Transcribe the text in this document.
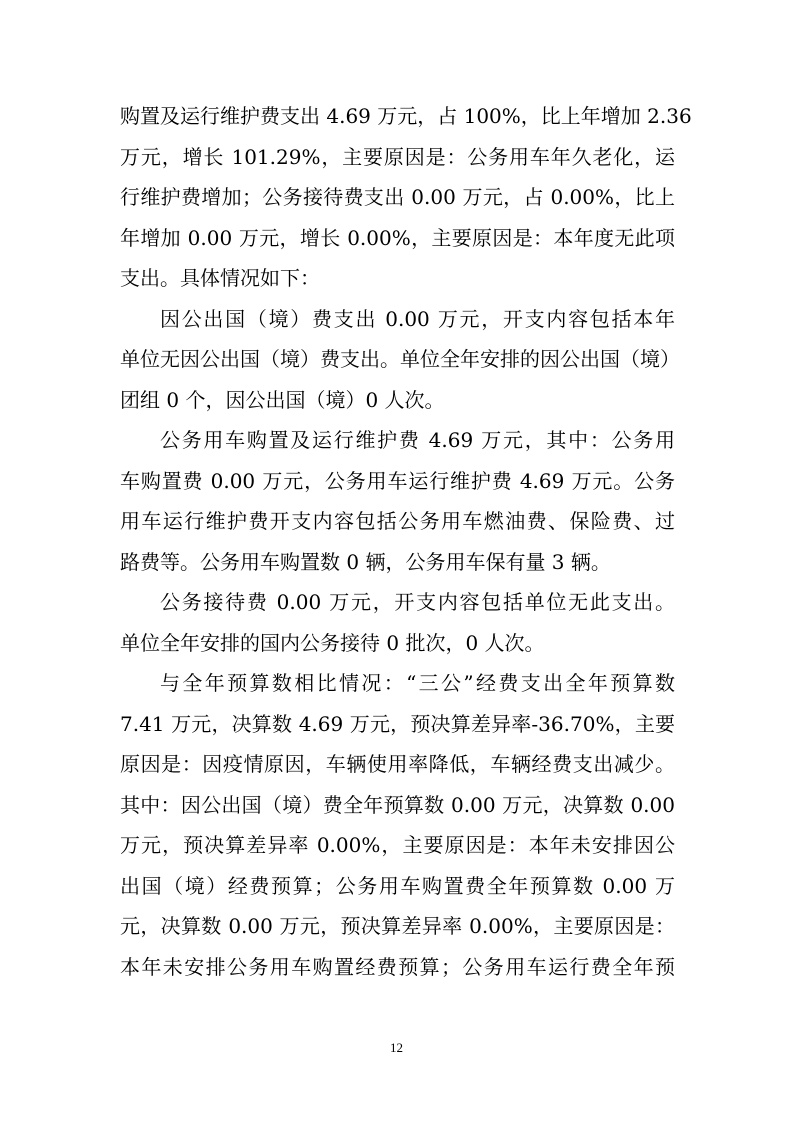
购置及运行维护费支出 4.69 万元，占 100%，比上年增加 2.36
万元，增长 101.29%，主要原因是：公务用车年久老化，运
行维护费增加；公务接待费支出 0.00 万元，占 0.00%，比上
年增加 0.00 万元，增长 0.00%，主要原因是：本年度无此项
支出。具体情况如下：
因公出国（境）费支出 0.00 万元，开支内容包括本年
单位无因公出国（境）费支出。单位全年安排的因公出国（境）
团组 0 个，因公出国（境）0 人次。
公务用车购置及运行维护费 4.69 万元，其中：公务用
车购置费 0.00 万元，公务用车运行维护费 4.69 万元。公务
用车运行维护费开支内容包括公务用车燃油费、保险费、过
路费等。公务用车购置数 0 辆，公务用车保有量 3 辆。
公务接待费 0.00 万元，开支内容包括单位无此支出。
单位全年安排的国内公务接待 0 批次，0 人次。
与全年预算数相比情况：“三公”经费支出全年预算数
7.41 万元，决算数 4.69 万元，预决算差异率-36.70%，主要
原因是：因疫情原因，车辆使用率降低，车辆经费支出减少。
其中：因公出国（境）费全年预算数 0.00 万元，决算数 0.00
万元，预决算差异率 0.00%，主要原因是：本年未安排因公
出国（境）经费预算；公务用车购置费全年预算数 0.00 万
元，决算数 0.00 万元，预决算差异率 0.00%，主要原因是：
本年未安排公务用车购置经费预算；公务用车运行费全年预
12
